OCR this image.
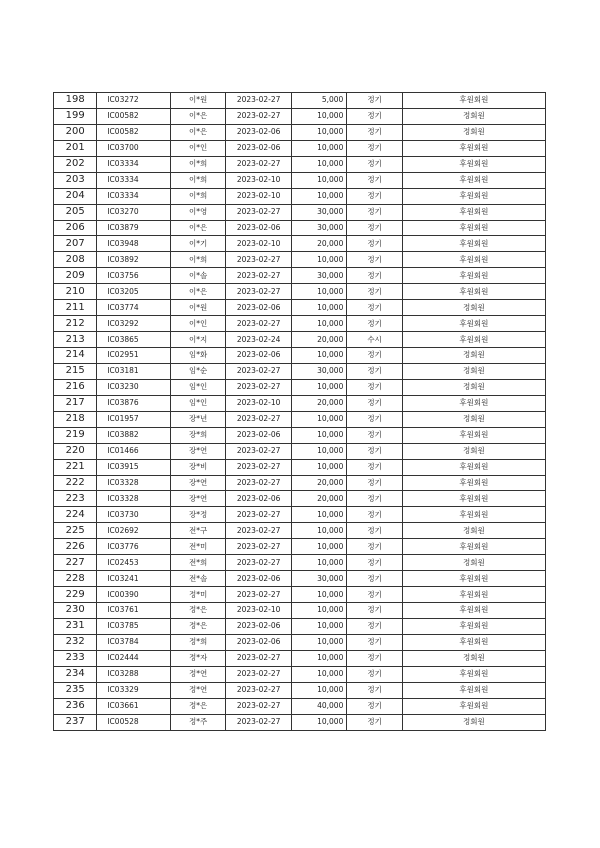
198	IC03272	이*원	2023-02-27	5,000	정기	후원회원
199	IC00582	이*은	2023-02-27	10,000	정기	정회원
200	IC00582	이*은	2023-02-06	10,000	정기	정회원
201	IC03700	이*인	2023-02-06	10,000	정기	후원회원
202	IC03334	이*희	2023-02-27	10,000	정기	후원회원
203	IC03334	이*희	2023-02-10	10,000	정기	후원회원
204	IC03334	이*희	2023-02-10	10,000	정기	후원회원
205	IC03270	이*영	2023-02-27	30,000	정기	후원회원
206	IC03879	이*은	2023-02-06	30,000	정기	후원회원
207	IC03948	이*기	2023-02-10	20,000	정기	후원회원
208	IC03892	이*희	2023-02-27	10,000	정기	후원회원
209	IC03756	이*솔	2023-02-27	30,000	정기	후원회원
210	IC03205	이*은	2023-02-27	10,000	정기	후원회원
211	IC03774	이*원	2023-02-06	10,000	정기	정회원
212	IC03292	이*인	2023-02-27	10,000	정기	후원회원
213	IC03865	이*지	2023-02-24	20,000	수시	후원회원
214	IC02951	임*화	2023-02-06	10,000	정기	정회원
215	IC03181	임*순	2023-02-27	30,000	정기	정회원
216	IC03230	임*인	2023-02-27	10,000	정기	정회원
217	IC03876	임*인	2023-02-10	20,000	정기	후원회원
218	IC01957	장*년	2023-02-27	10,000	정기	정회원
219	IC03882	장*희	2023-02-06	10,000	정기	후원회원
220	IC01466	장*연	2023-02-27	10,000	정기	정회원
221	IC03915	장*비	2023-02-27	10,000	정기	후원회원
222	IC03328	장*연	2023-02-27	20,000	정기	후원회원
223	IC03328	장*연	2023-02-06	20,000	정기	후원회원
224	IC03730	장*정	2023-02-27	10,000	정기	후원회원
225	IC02692	전*구	2023-02-27	10,000	정기	정회원
226	IC03776	전*미	2023-02-27	10,000	정기	후원회원
227	IC02453	전*희	2023-02-27	10,000	정기	정회원
228	IC03241	전*솔	2023-02-06	30,000	정기	후원회원
229	IC00390	정*미	2023-02-27	10,000	정기	후원회원
230	IC03761	정*은	2023-02-10	10,000	정기	후원회원
231	IC03785	정*은	2023-02-06	10,000	정기	후원회원
232	IC03784	정*희	2023-02-06	10,000	정기	후원회원
233	IC02444	정*자	2023-02-27	10,000	정기	정회원
234	IC03288	정*연	2023-02-27	10,000	정기	후원회원
235	IC03329	정*연	2023-02-27	10,000	정기	후원회원
236	IC03661	정*은	2023-02-27	40,000	정기	후원회원
237	IC00528	정*주	2023-02-27	10,000	정기	정회원
